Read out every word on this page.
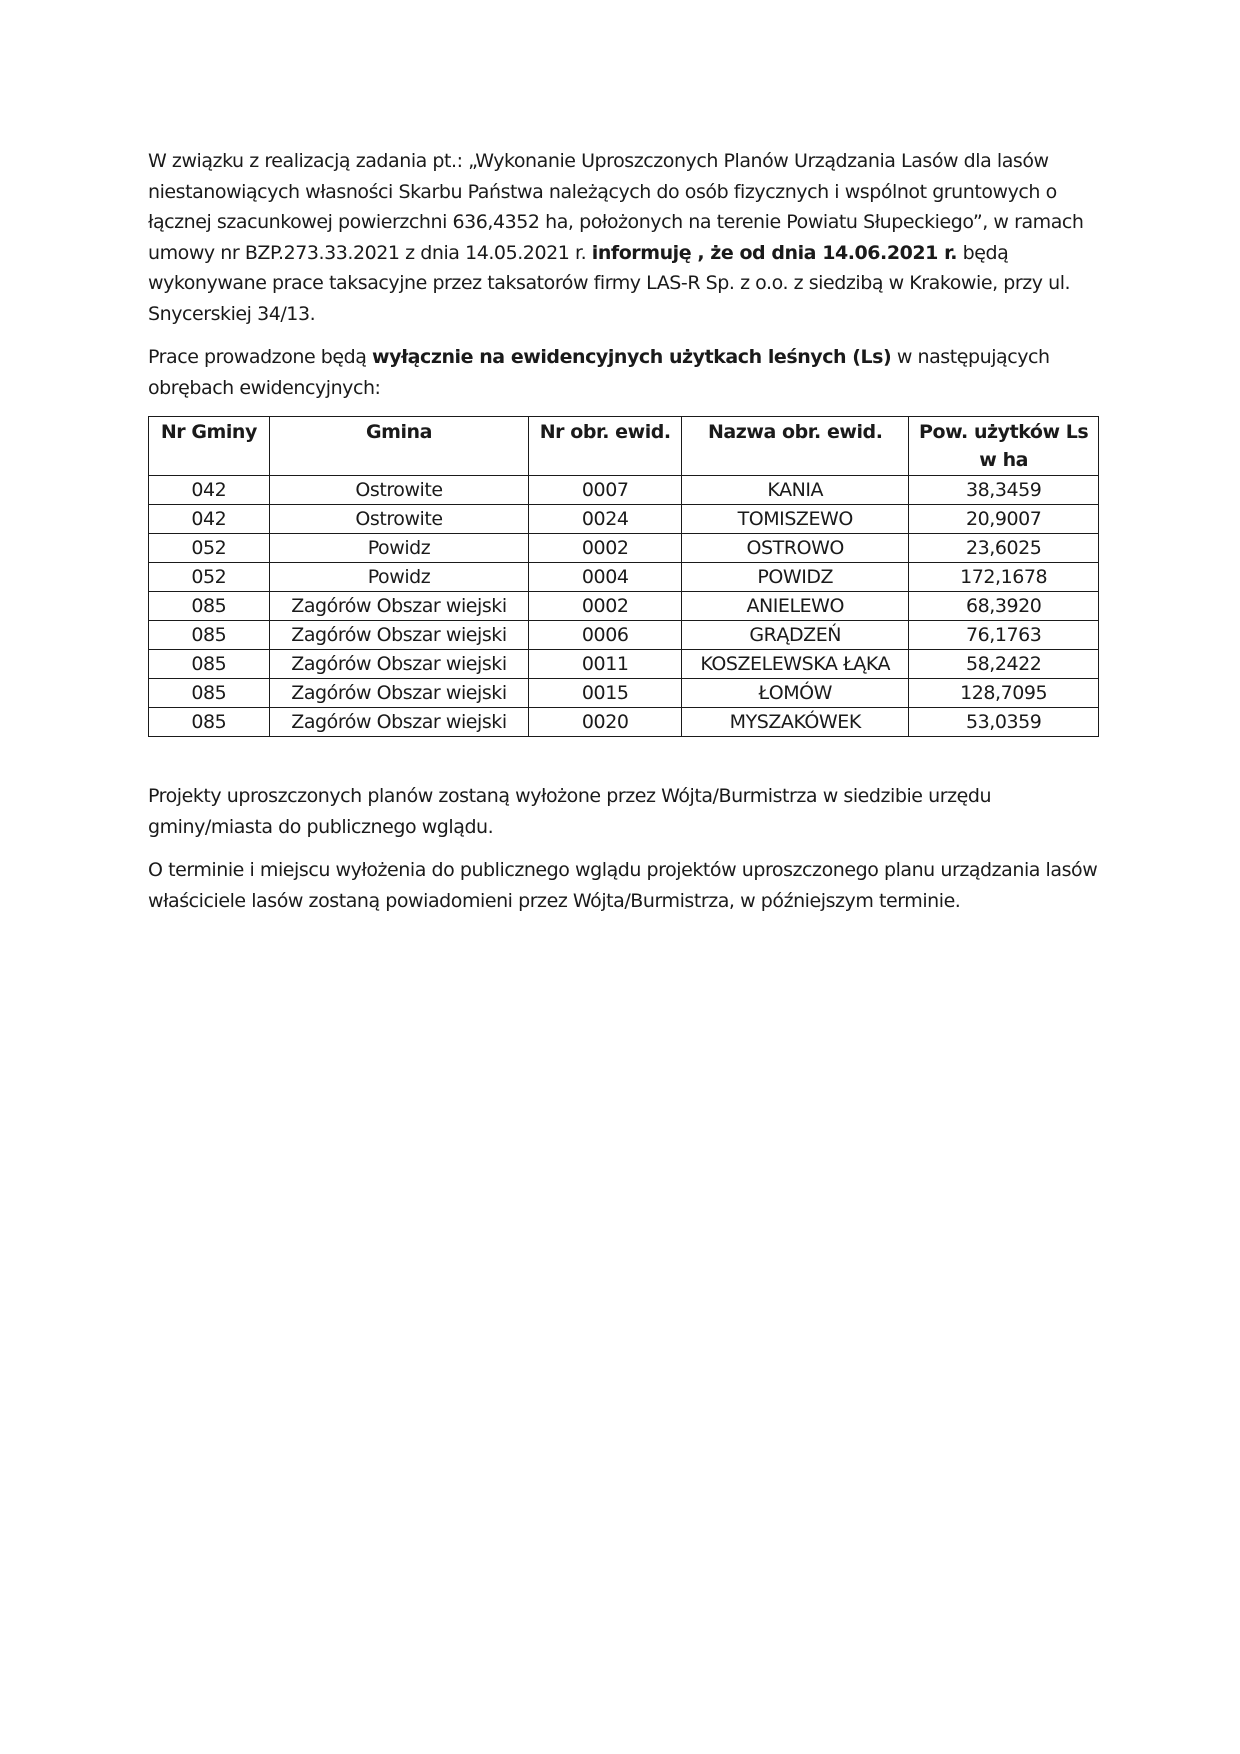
W związku z realizacją zadania pt.: „Wykonanie Uproszczonych Planów Urządzania Lasów dla lasów niestanowiących własności Skarbu Państwa należących do osób fizycznych i wspólnot gruntowych o łącznej szacunkowej powierzchni 636,4352 ha, położonych na terenie Powiatu Słupeckiego”, w ramach umowy nr BZP.273.33.2021 z dnia 14.05.2021 r. informuję , że od dnia 14.06.2021 r. będą wykonywane prace taksacyjne przez taksatorów firmy LAS-R Sp. z o.o. z siedzibą w Krakowie, przy ul. Snycerskiej 34/13.

Prace prowadzone będą wyłącznie na ewidencyjnych użytkach leśnych (Ls) w następujących obrębach ewidencyjnych:

Nr Gminy	Gmina	Nr obr. ewid.	Nazwa obr. ewid.	Pow. użytków Ls w ha
042	Ostrowite	0007	KANIA	38,3459
042	Ostrowite	0024	TOMISZEWO	20,9007
052	Powidz	0002	OSTROWO	23,6025
052	Powidz	0004	POWIDZ	172,1678
085	Zagórów Obszar wiejski	0002	ANIELEWO	68,3920
085	Zagórów Obszar wiejski	0006	GRĄDZEŃ	76,1763
085	Zagórów Obszar wiejski	0011	KOSZELEWSKA ŁĄKA	58,2422
085	Zagórów Obszar wiejski	0015	ŁOMÓW	128,7095
085	Zagórów Obszar wiejski	0020	MYSZAKÓWEK	53,0359

Projekty uproszczonych planów zostaną wyłożone przez Wójta/Burmistrza w siedzibie urzędu gminy/miasta do publicznego wglądu.

O terminie i miejscu wyłożenia do publicznego wglądu projektów uproszczonego planu urządzania lasów właściciele lasów zostaną powiadomieni przez Wójta/Burmistrza, w późniejszym terminie.
